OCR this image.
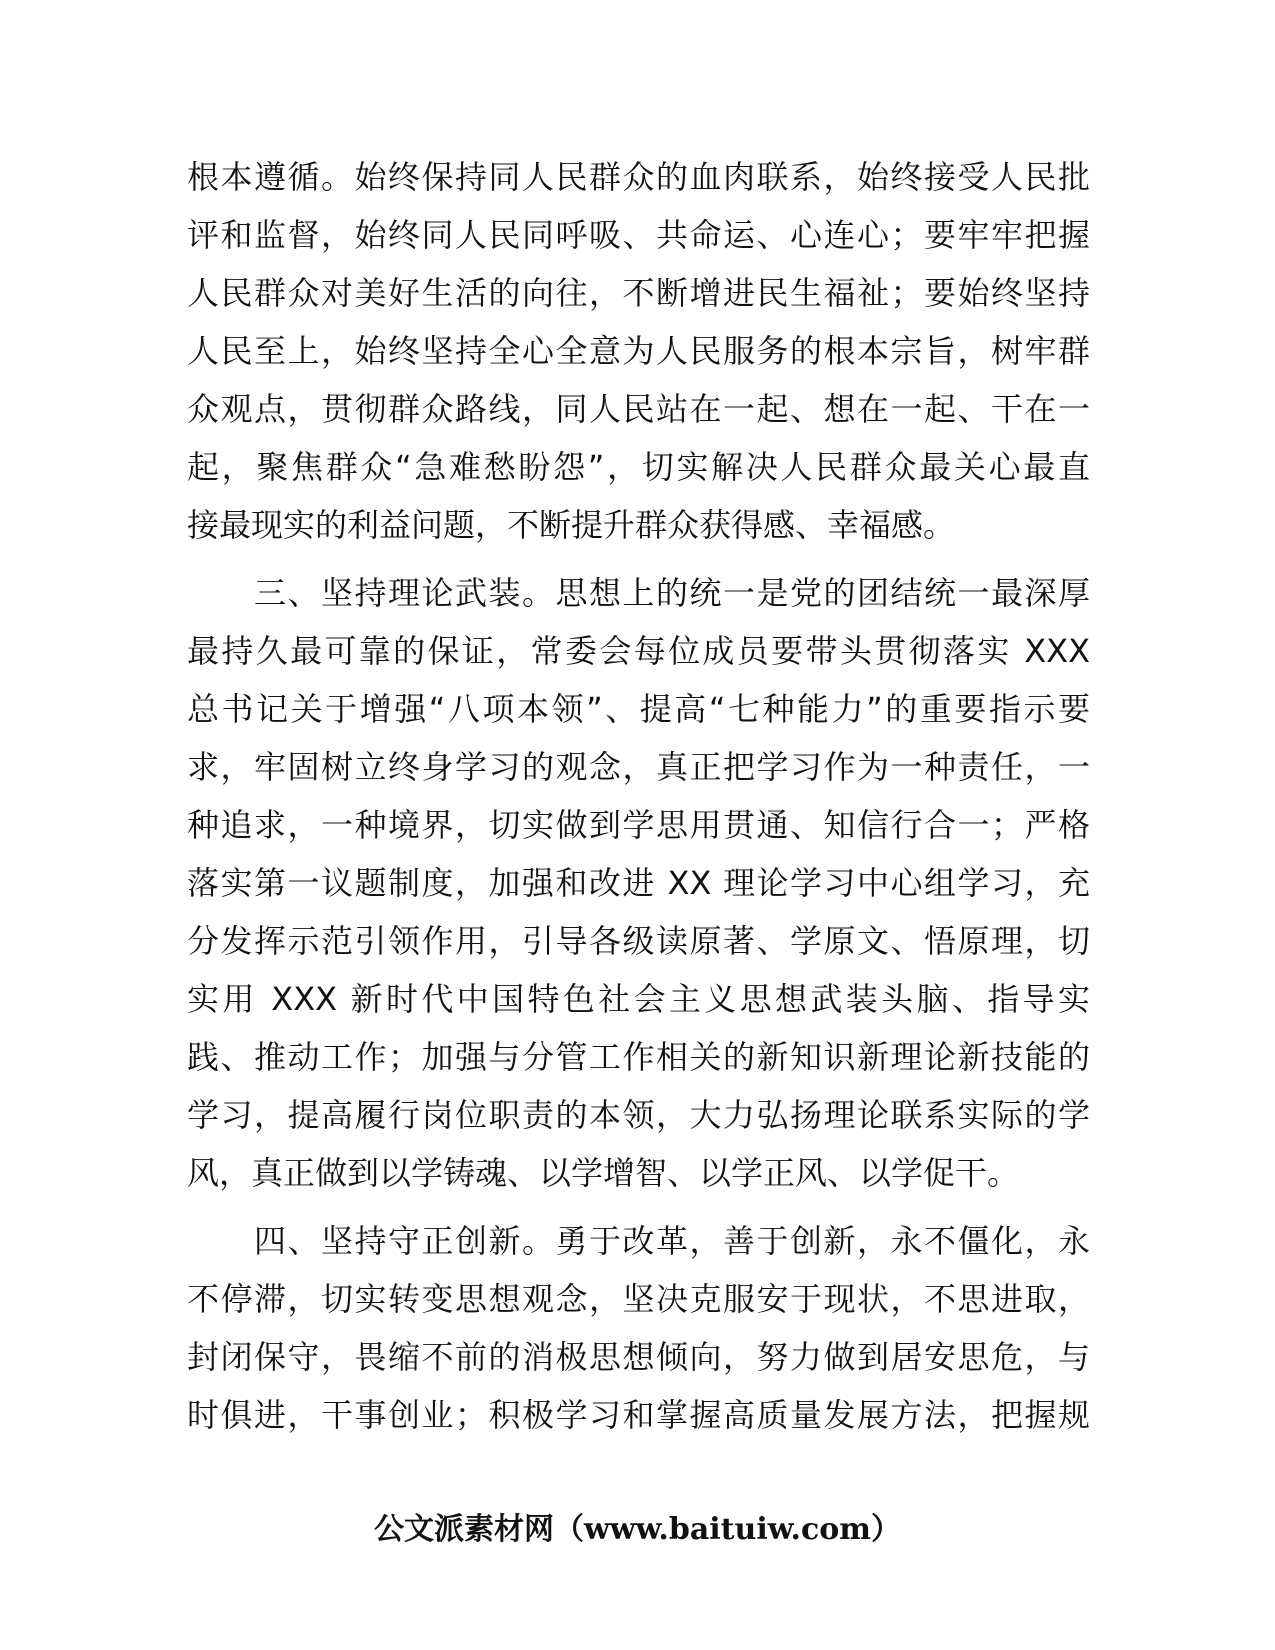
根本遵循。始终保持同人民群众的血肉联系，始终接受人民批
评和监督，始终同人民同呼吸、共命运、心连心；要牢牢把握
人民群众对美好生活的向往，不断增进民生福祉；要始终坚持
人民至上，始终坚持全心全意为人民服务的根本宗旨，树牢群
众观点，贯彻群众路线，同人民站在一起、想在一起、干在一
起，聚焦群众“急难愁盼怨”，切实解决人民群众最关心最直
接最现实的利益问题，不断提升群众获得感、幸福感。
　　三、坚持理论武装。思想上的统一是党的团结统一最深厚
最持久最可靠的保证，常委会每位成员要带头贯彻落实 XXX
总书记关于增强“八项本领”、提高“七种能力”的重要指示要
求，牢固树立终身学习的观念，真正把学习作为一种责任，一
种追求，一种境界，切实做到学思用贯通、知信行合一；严格
落实第一议题制度，加强和改进 XX 理论学习中心组学习，充
分发挥示范引领作用，引导各级读原著、学原文、悟原理，切
实用 XXX 新时代中国特色社会主义思想武装头脑、指导实
践、推动工作；加强与分管工作相关的新知识新理论新技能的
学习，提高履行岗位职责的本领，大力弘扬理论联系实际的学
风，真正做到以学铸魂、以学增智、以学正风、以学促干。
　　四、坚持守正创新。勇于改革，善于创新，永不僵化，永
不停滞，切实转变思想观念，坚决克服安于现状，不思进取，
封闭保守，畏缩不前的消极思想倾向，努力做到居安思危，与
时俱进，干事创业；积极学习和掌握高质量发展方法，把握规
公文派素材网（www.baituiw.com）
